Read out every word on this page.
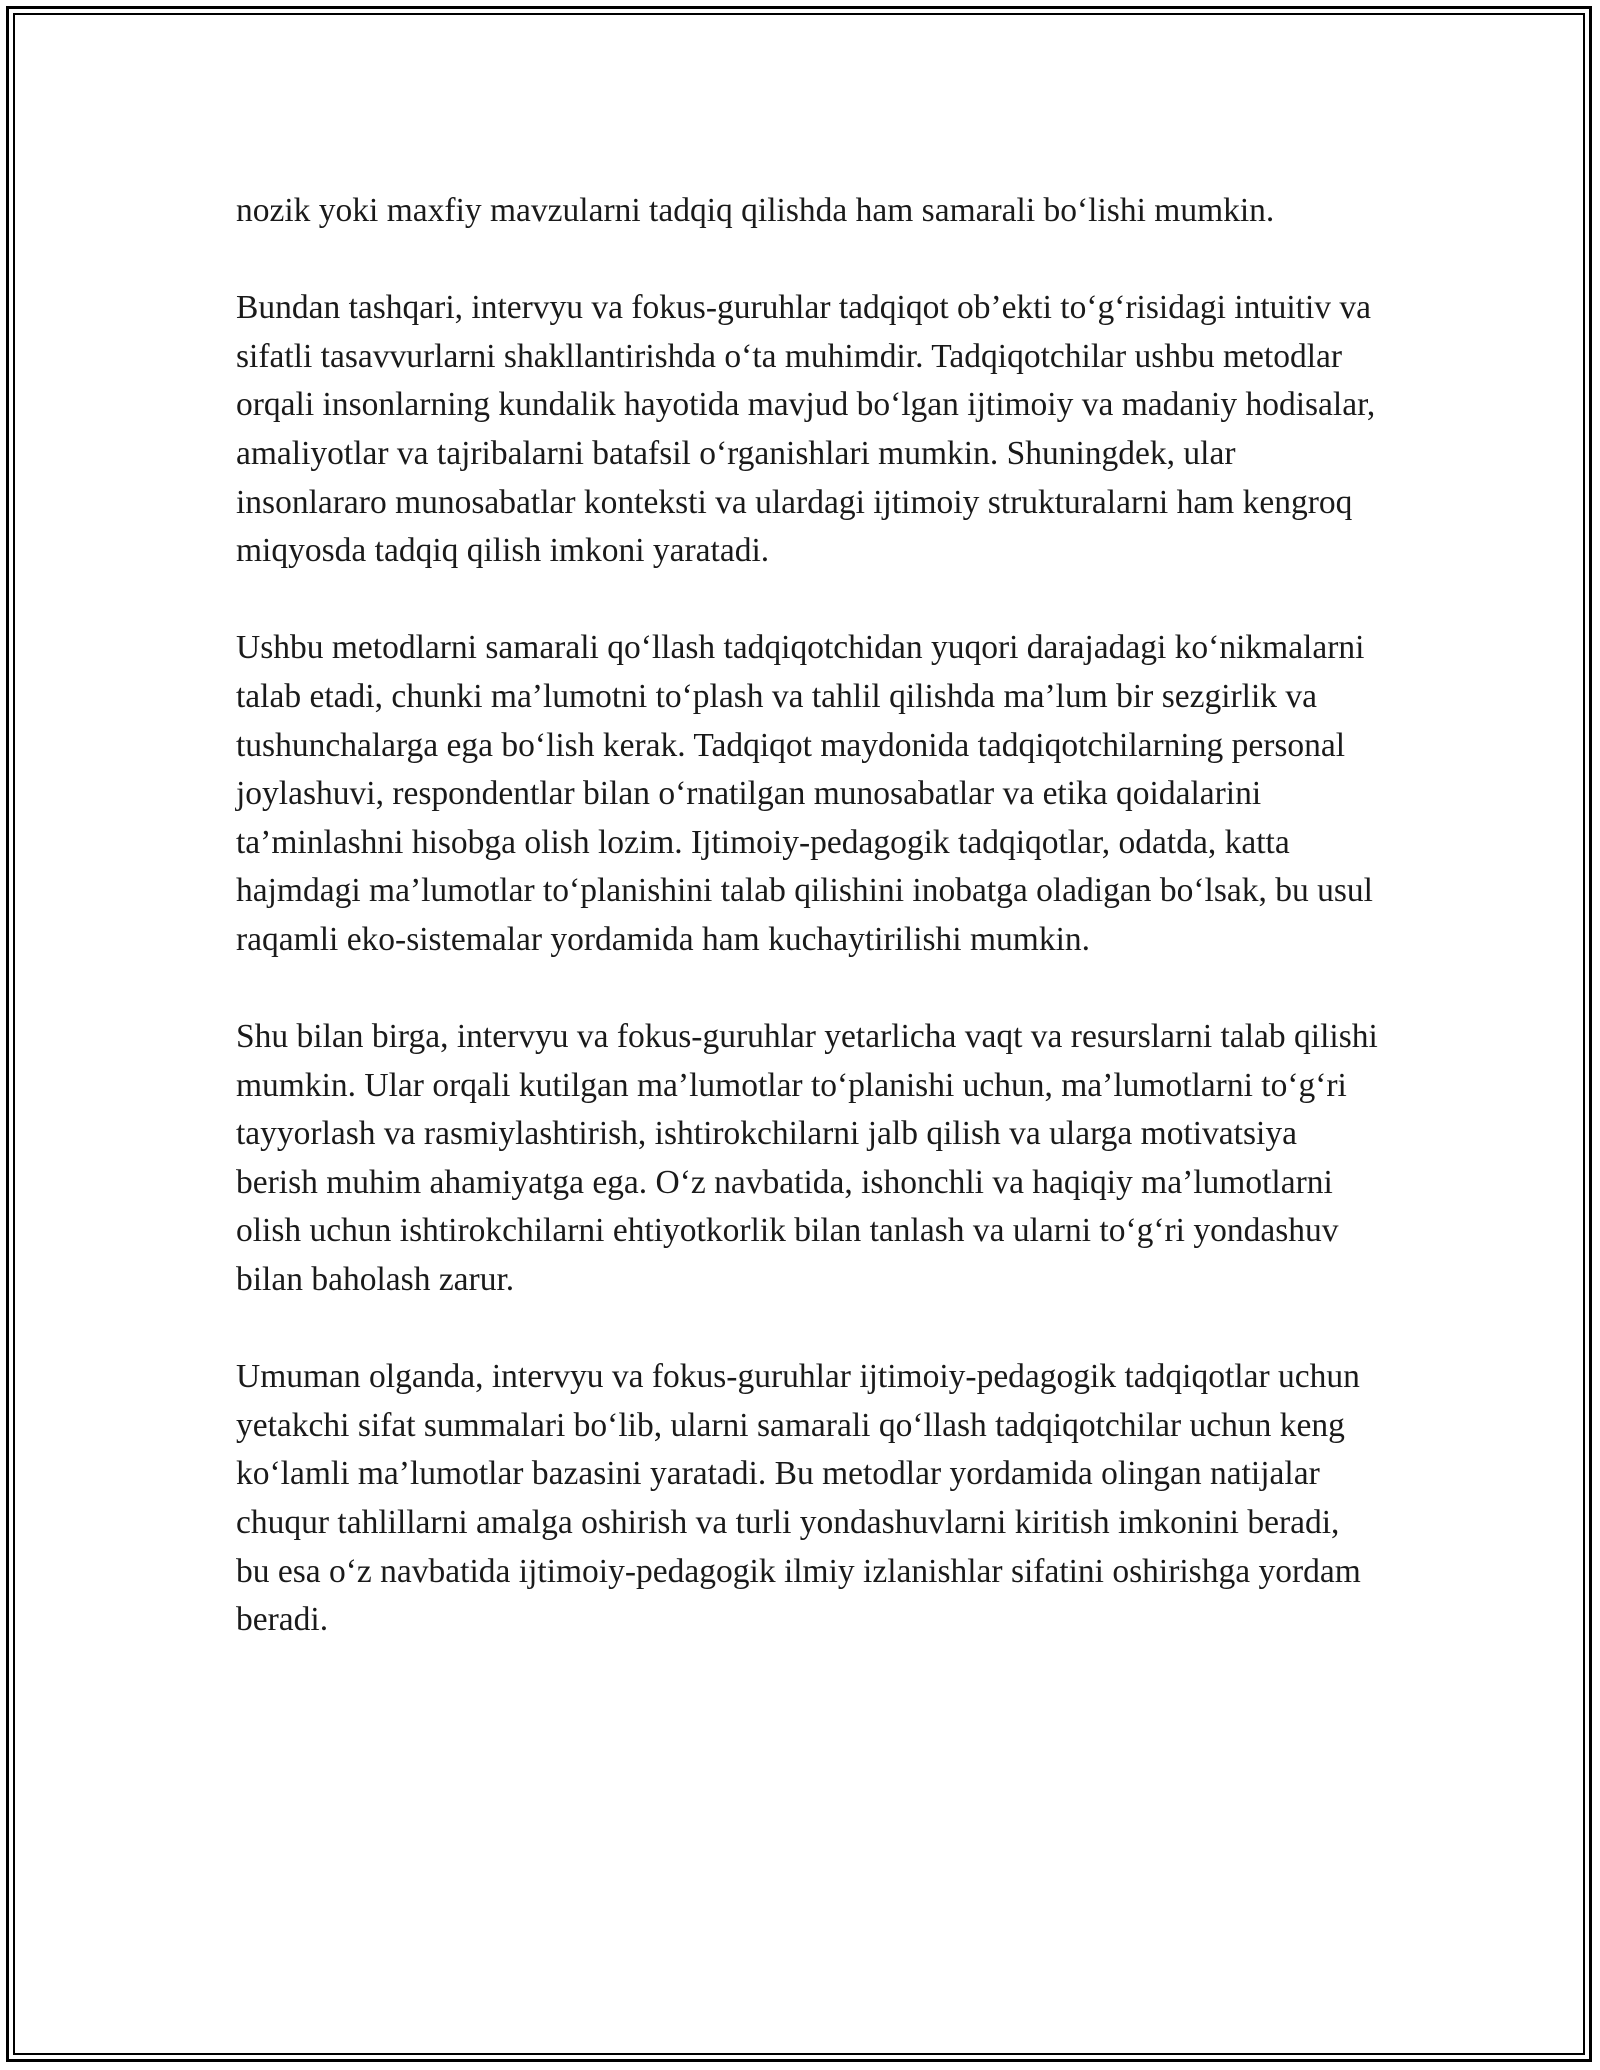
nozik yoki maxfiy mavzularni tadqiq qilishda ham samarali bo‘lishi mumkin.

Bundan tashqari, intervyu va fokus-guruhlar tadqiqot ob’ekti to‘g‘risidagi intuitiv va sifatli tasavvurlarni shakllantirishda o‘ta muhimdir. Tadqiqotchilar ushbu metodlar orqali insonlarning kundalik hayotida mavjud bo‘lgan ijtimoiy va madaniy hodisalar, amaliyotlar va tajribalarni batafsil o‘rganishlari mumkin. Shuningdek, ular insonlararo munosabatlar konteksti va ulardagi ijtimoiy strukturalarni ham kengroq miqyosda tadqiq qilish imkoni yaratadi.

Ushbu metodlarni samarali qo‘llash tadqiqotchidan yuqori darajadagi ko‘nikmalarni talab etadi, chunki ma’lumotni to‘plash va tahlil qilishda ma’lum bir sezgirlik va tushunchalarga ega bo‘lish kerak. Tadqiqot maydonida tadqiqotchilarning personal joylashuvi, respondentlar bilan o‘rnatilgan munosabatlar va etika qoidalarini ta’minlashni hisobga olish lozim. Ijtimoiy-pedagogik tadqiqotlar, odatda, katta hajmdagi ma’lumotlar to‘planishini talab qilishini inobatga oladigan bo‘lsak, bu usul raqamli eko-sistemalar yordamida ham kuchaytirilishi mumkin.

Shu bilan birga, intervyu va fokus-guruhlar yetarlicha vaqt va resurslarni talab qilishi mumkin. Ular orqali kutilgan ma’lumotlar to‘planishi uchun, ma’lumotlarni to‘g‘ri tayyorlash va rasmiylashtirish, ishtirokchilarni jalb qilish va ularga motivatsiya berish muhim ahamiyatga ega. O‘z navbatida, ishonchli va haqiqiy ma’lumotlarni olish uchun ishtirokchilarni ehtiyotkorlik bilan tanlash va ularni to‘g‘ri yondashuv bilan baholash zarur.

Umuman olganda, intervyu va fokus-guruhlar ijtimoiy-pedagogik tadqiqotlar uchun yetakchi sifat summalari bo‘lib, ularni samarali qo‘llash tadqiqotchilar uchun keng ko‘lamli ma’lumotlar bazasini yaratadi. Bu metodlar yordamida olingan natijalar chuqur tahlillarni amalga oshirish va turli yondashuvlarni kiritish imkonini beradi, bu esa o‘z navbatida ijtimoiy-pedagogik ilmiy izlanishlar sifatini oshirishga yordam beradi.
